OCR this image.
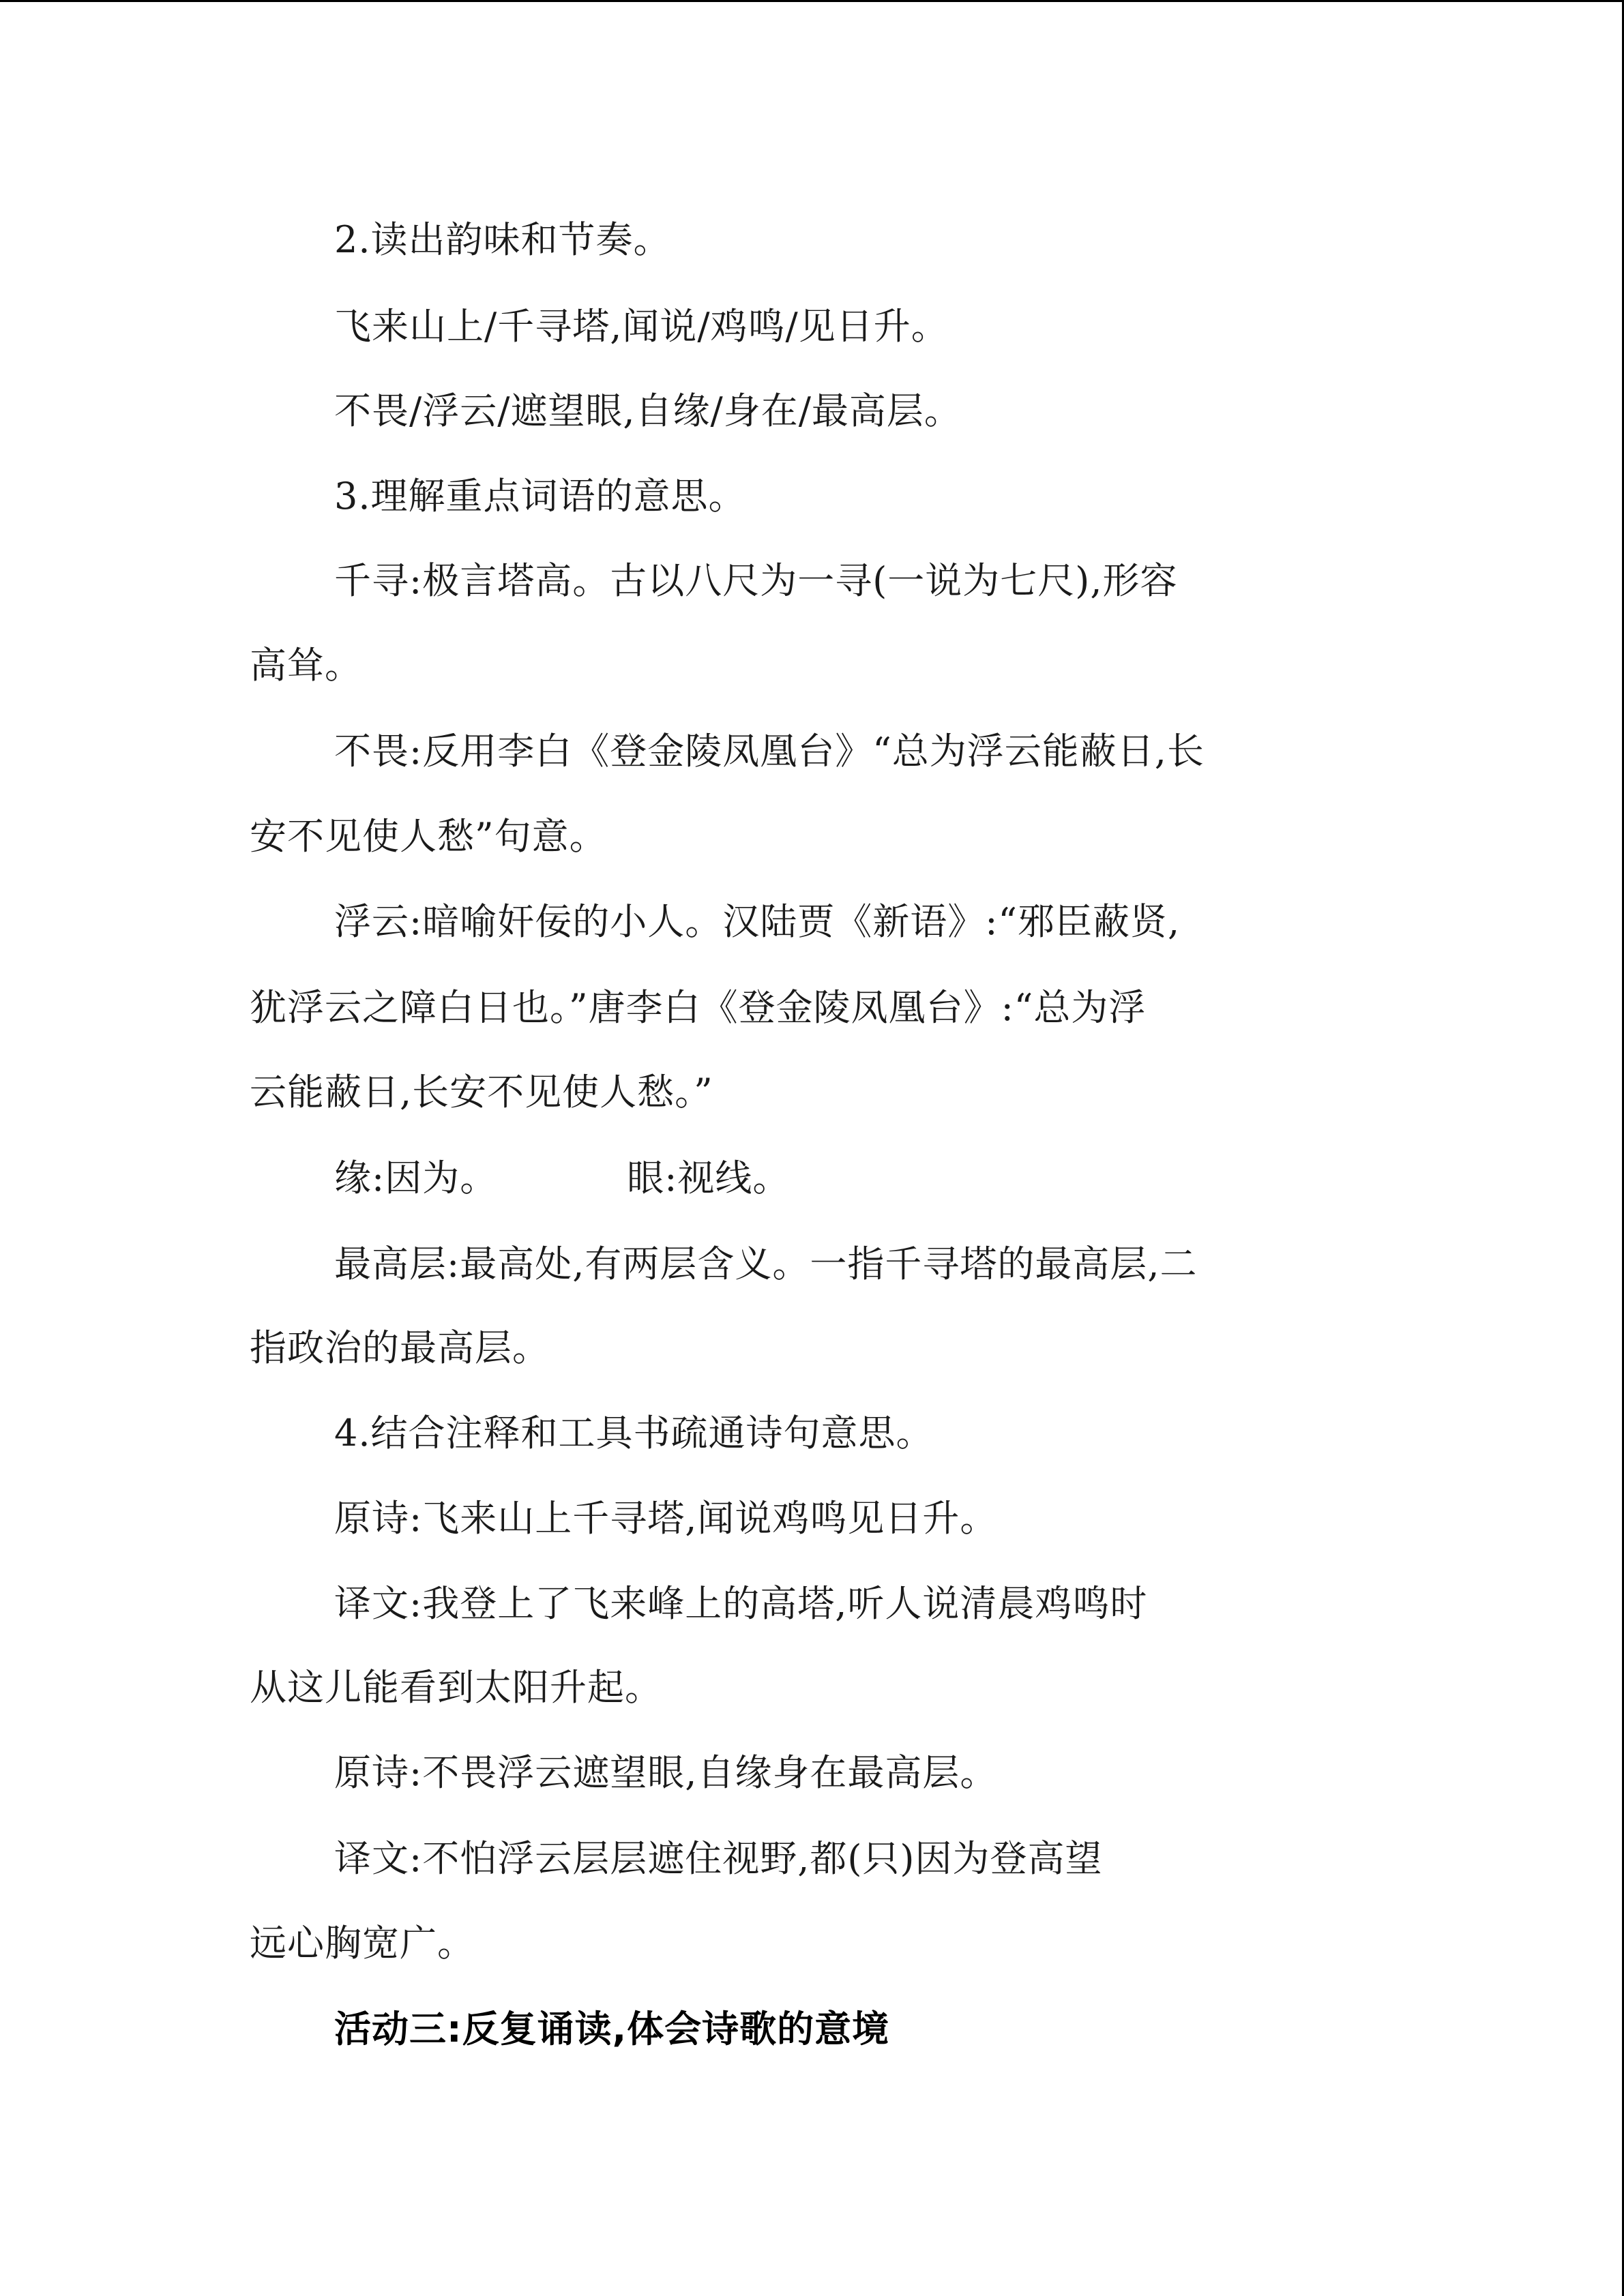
2.读出韵味和节奏。

飞来山上/千寻塔,闻说/鸡鸣/见日升。

不畏/浮云/遮望眼,自缘/身在/最高层。

3.理解重点词语的意思。

千寻:极言塔高。古以八尺为一寻(一说为七尺),形容

高耸。

不畏:反用李白《登金陵凤凰台》“总为浮云能蔽日,长

安不见使人愁”句意。

浮云:暗喻奸佞的小人。汉陆贾《新语》:“邪臣蔽贤,

犹浮云之障白日也。”唐李白《登金陵凤凰台》:“总为浮

云能蔽日,长安不见使人愁。”

缘:因为。	眼:视线。

最高层:最高处,有两层含义。一指千寻塔的最高层,二

指政治的最高层。

4.结合注释和工具书疏通诗句意思。

原诗:飞来山上千寻塔,闻说鸡鸣见日升。

译文:我登上了飞来峰上的高塔,听人说清晨鸡鸣时

从这儿能看到太阳升起。

原诗:不畏浮云遮望眼,自缘身在最高层。

译文:不怕浮云层层遮住视野,都(只)因为登高望

远心胸宽广。

活动三:反复诵读,体会诗歌的意境
